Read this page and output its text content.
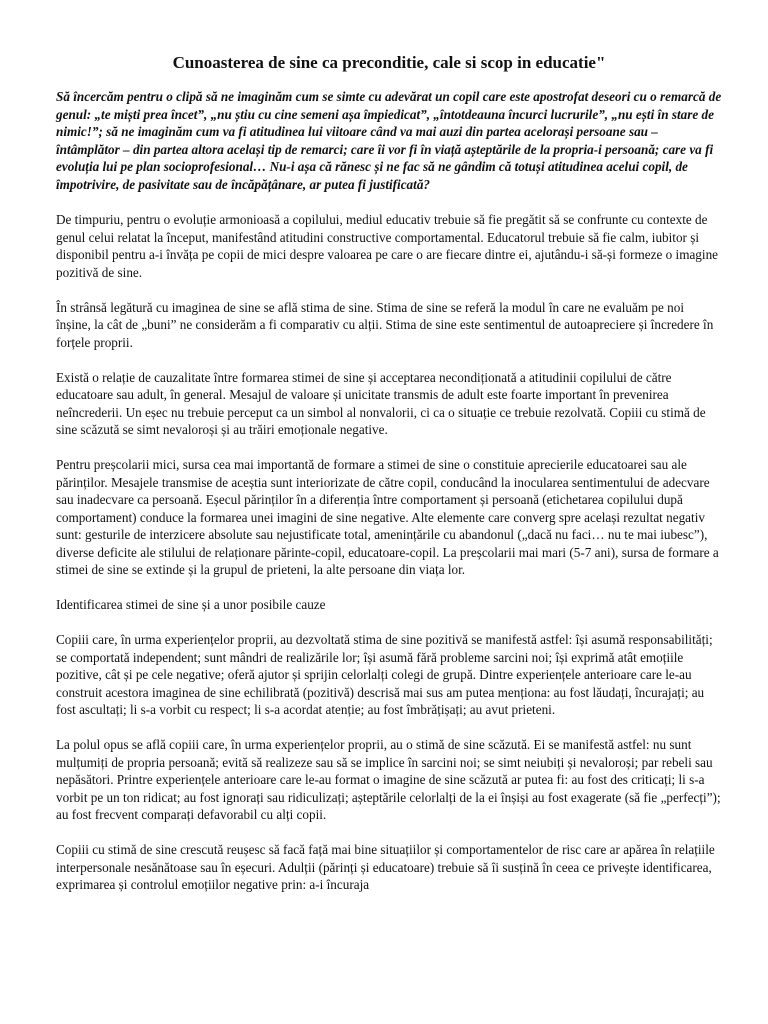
Cunoasterea de sine ca preconditie, cale si scop in educatie"

Să încercăm pentru o clipă să ne imaginăm cum se simte cu adevărat un copil care este apostrofat deseori cu o remarcă de genul: „te miști prea încet”, „nu știu cu cine semeni așa împiedicat”, „întotdeauna încurci lucrurile”, „nu ești în stare de nimic!”; să ne imaginăm cum va fi atitudinea lui viitoare când va mai auzi din partea acelorași persoane sau – întâmplător – din partea altora același tip de remarci; care îi vor fi în viață așteptările de la propria-i persoană; care va fi evoluția lui pe plan socioprofesional… Nu-i așa că rănesc și ne fac să ne gândim că totuși atitudinea acelui copil, de împotrivire, de pasivitate sau de încăpățânare, ar putea fi justificată?

De timpuriu, pentru o evoluție armonioasă a copilului, mediul educativ trebuie să fie pregătit să se confrunte cu contexte de genul celui relatat la început, manifestând atitudini constructive comportamental. Educatorul trebuie să fie calm, iubitor și disponibil pentru a-i învăța pe copii de mici despre valoarea pe care o are fiecare dintre ei, ajutându-i să-și formeze o imagine pozitivă de sine.

În strânsă legătură cu imaginea de sine se află stima de sine. Stima de sine se referă la modul în care ne evaluăm pe noi înșine, la cât de „buni” ne considerăm a fi comparativ cu alții. Stima de sine este sentimentul de autoapreciere și încredere în forțele proprii.

Există o relație de cauzalitate între formarea stimei de sine și acceptarea necondiționată a atitudinii copilului de către educatoare sau adult, în general. Mesajul de valoare și unicitate transmis de adult este foarte important în prevenirea neîncrederii. Un eșec nu trebuie perceput ca un simbol al nonvalorii, ci ca o situație ce trebuie rezolvată. Copiii cu stimă de sine scăzută se simt nevaloroși și au trăiri emoționale negative.

Pentru preșcolarii mici, sursa cea mai importantă de formare a stimei de sine o constituie aprecierile educatoarei sau ale părinților. Mesajele transmise de aceștia sunt interiorizate de către copil, conducând la inocularea sentimentului de adecvare sau inadecvare ca persoană. Eșecul părinților în a diferenția între comportament și persoană (etichetarea copilului după comportament) conduce la formarea unei imagini de sine negative. Alte elemente care converg spre același rezultat negativ sunt: gesturile de interzicere absolute sau nejustificate total, amenințările cu abandonul („dacă nu faci… nu te mai iubesc”), diverse deficite ale stilului de relaționare părinte-copil, educatoare-copil. La preșcolarii mai mari (5-7 ani), sursa de formare a stimei de sine se extinde și la grupul de prieteni, la alte persoane din viața lor.

Identificarea stimei de sine și a unor posibile cauze

Copiii care, în urma experiențelor proprii, au dezvoltată stima de sine pozitivă se manifestă astfel: își asumă responsabilități; se comportată independent; sunt mândri de realizările lor; își asumă fără probleme sarcini noi; își exprimă atât emoțiile pozitive, cât și pe cele negative; oferă ajutor și sprijin celorlalți colegi de grupă. Dintre experiențele anterioare care le-au construit acestora imaginea de sine echilibrată (pozitivă) descrisă mai sus am putea menționa: au fost lăudați, încurajați; au fost ascultați; li s-a vorbit cu respect; li s-a acordat atenție; au fost îmbrățișați; au avut prieteni.

La polul opus se află copiii care, în urma experiențelor proprii, au o stimă de sine scăzută. Ei se manifestă astfel: nu sunt mulțumiți de propria persoană; evită să realizeze sau să se implice în sarcini noi; se simt neiubiți și nevaloroși; par rebeli sau nepăsători. Printre experiențele anterioare care le-au format o imagine de sine scăzută ar putea fi: au fost des criticați; li s-a vorbit pe un ton ridicat; au fost ignorați sau ridiculizați; așteptările celorlalți de la ei înșiși au fost exagerate (să fie „perfecți”); au fost frecvent comparați defavorabil cu alți copii.

Copiii cu stimă de sine crescută reușesc să facă față mai bine situațiilor și comportamentelor de risc care ar apărea în relațiile interpersonale nesănătoase sau în eșecuri. Adulții (părinți și educatoare) trebuie să îi susțină în ceea ce privește identificarea, exprimarea și controlul emoțiilor negative prin: a-i încuraja
